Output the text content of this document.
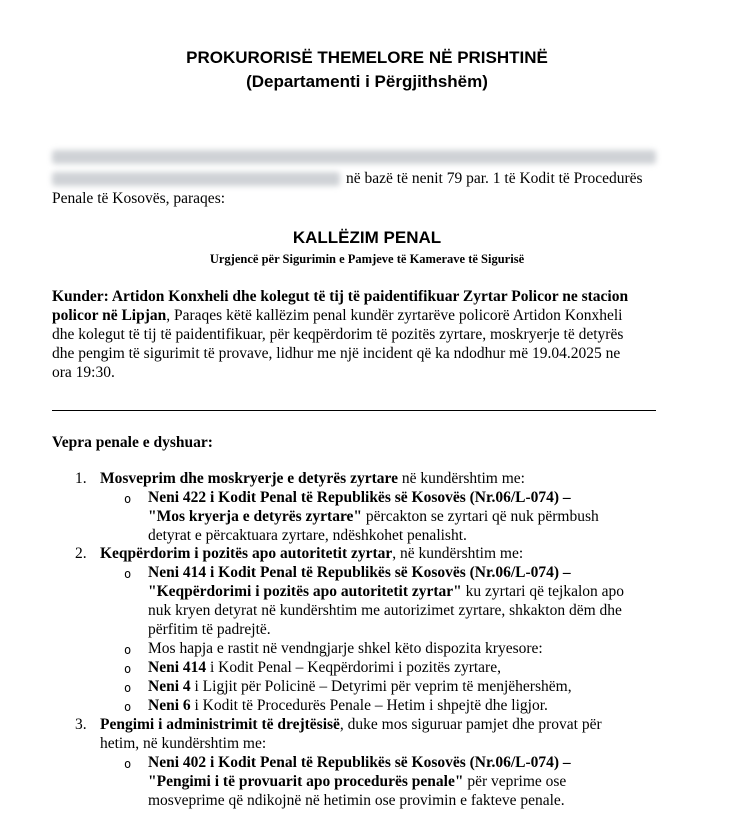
PROKURORISË THEMELORE NË PRISHTINË
(Departamenti i Përgjithshëm)
në bazë të nenit 79 par. 1 të Kodit të Procedurës
Penale të Kosovës, paraqes:
KALLËZIM PENAL
Urgjencë për Sigurimin e Pamjeve të Kamerave të Sigurisë
Kunder: Artidon Konxheli dhe kolegut të tij të paidentifikuar Zyrtar Policor ne stacion
policor në Lipjan, Paraqes këtë kallëzim penal kundër zyrtarëve policorë Artidon Konxheli
dhe kolegut të tij të paidentifikuar, për keqpërdorim të pozitës zyrtare, moskryerje të detyrës
dhe pengim të sigurimit të provave, lidhur me një incident që ka ndodhur më 19.04.2025 ne
ora 19:30.
Vepra penale e dyshuar:
1. Mosveprim dhe moskryerje e detyrës zyrtare në kundërshtim me:
o Neni 422 i Kodit Penal të Republikës së Kosovës (Nr.06/L-074) –
"Mos kryerja e detyrës zyrtare" përcakton se zyrtari që nuk përmbush
detyrat e përcaktuara zyrtare, ndëshkohet penalisht.
2. Keqpërdorim i pozitës apo autoritetit zyrtar, në kundërshtim me:
o Neni 414 i Kodit Penal të Republikës së Kosovës (Nr.06/L-074) –
"Keqpërdorimi i pozitës apo autoritetit zyrtar" ku zyrtari që tejkalon apo
nuk kryen detyrat në kundërshtim me autorizimet zyrtare, shkakton dëm dhe
përfitim të padrejtë.
o Mos hapja e rastit në vendngjarje shkel këto dispozita kryesore:
o Neni 414 i Kodit Penal – Keqpërdorimi i pozitës zyrtare,
o Neni 4 i Ligjit për Policinë – Detyrimi për veprim të menjëhershëm,
o Neni 6 i Kodit të Procedurës Penale – Hetim i shpejtë dhe ligjor.
3. Pengimi i administrimit të drejtësisë, duke mos siguruar pamjet dhe provat për
hetim, në kundërshtim me:
o Neni 402 i Kodit Penal të Republikës së Kosovës (Nr.06/L-074) –
"Pengimi i të provuarit apo procedurës penale" për veprime ose
mosveprime që ndikojnë në hetimin ose provimin e fakteve penale.
